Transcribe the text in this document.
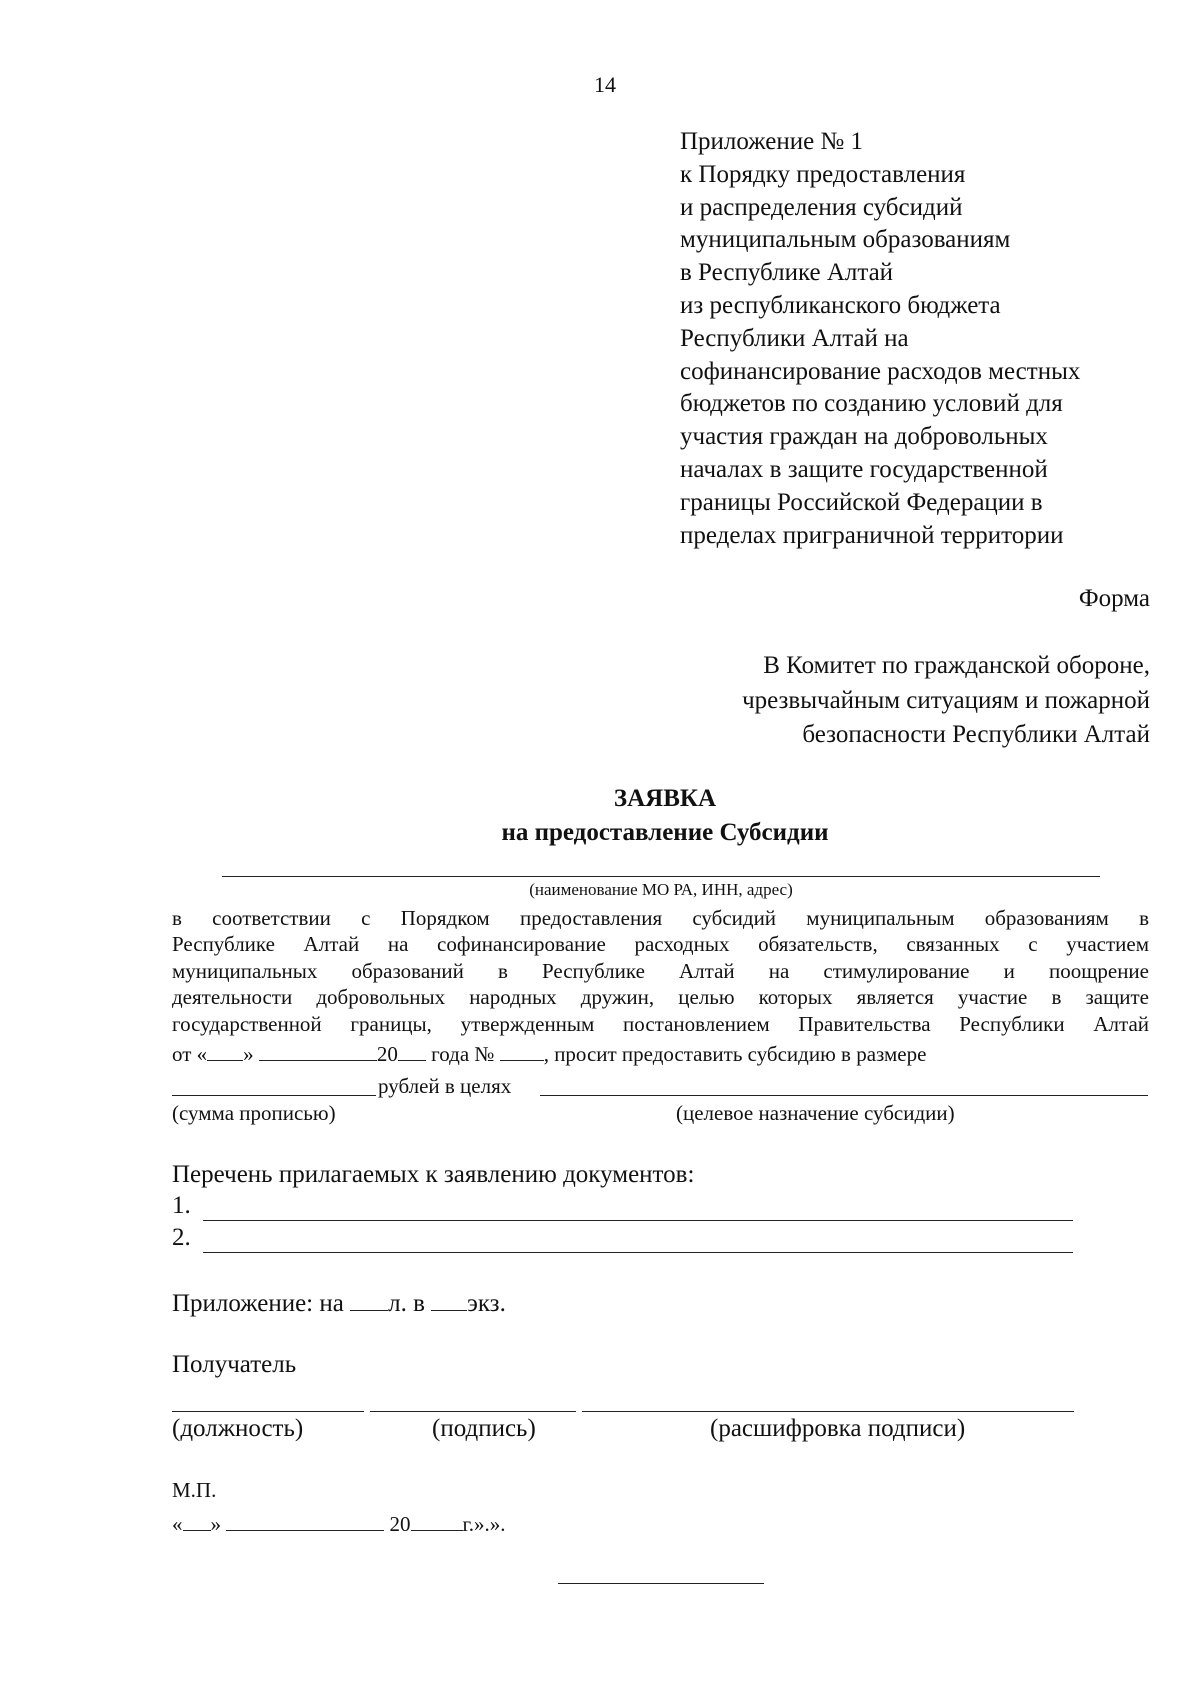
14
Приложение № 1
к Порядку предоставления
и распределения субсидий
муниципальным образованиям
в Республике Алтай
из республиканского бюджета
Республики Алтай на
софинансирование расходов местных
бюджетов по созданию условий для
участия граждан на добровольных
началах в защите государственной
границы Российской Федерации в
пределах приграничной территории
Форма
В Комитет по гражданской обороне,
чрезвычайным ситуациям и пожарной
безопасности Республики Алтай
ЗАЯВКА
на предоставление Субсидии
(наименование МО РА, ИНН, адрес)
в соответствии с Порядком предоставления субсидий муниципальным образованиям в
Республике Алтай на софинансирование расходных обязательств, связанных с участием
муниципальных образований в Республике Алтай на стимулирование и поощрение
деятельности добровольных народных дружин, целью которых является участие в защите
государственной границы, утвержденным постановлением Правительства Республики Алтай
от « »	20 года № , просит предоставить субсидию в размере
рублей в целях
(сумма прописью)	(целевое назначение субсидии)
Перечень прилагаемых к заявлению документов:
1.
2.
Приложение: на л. в экз.
Получатель
(должность)	(подпись)	(расшифровка подписи)
М.П.
« »	20 г.».».
